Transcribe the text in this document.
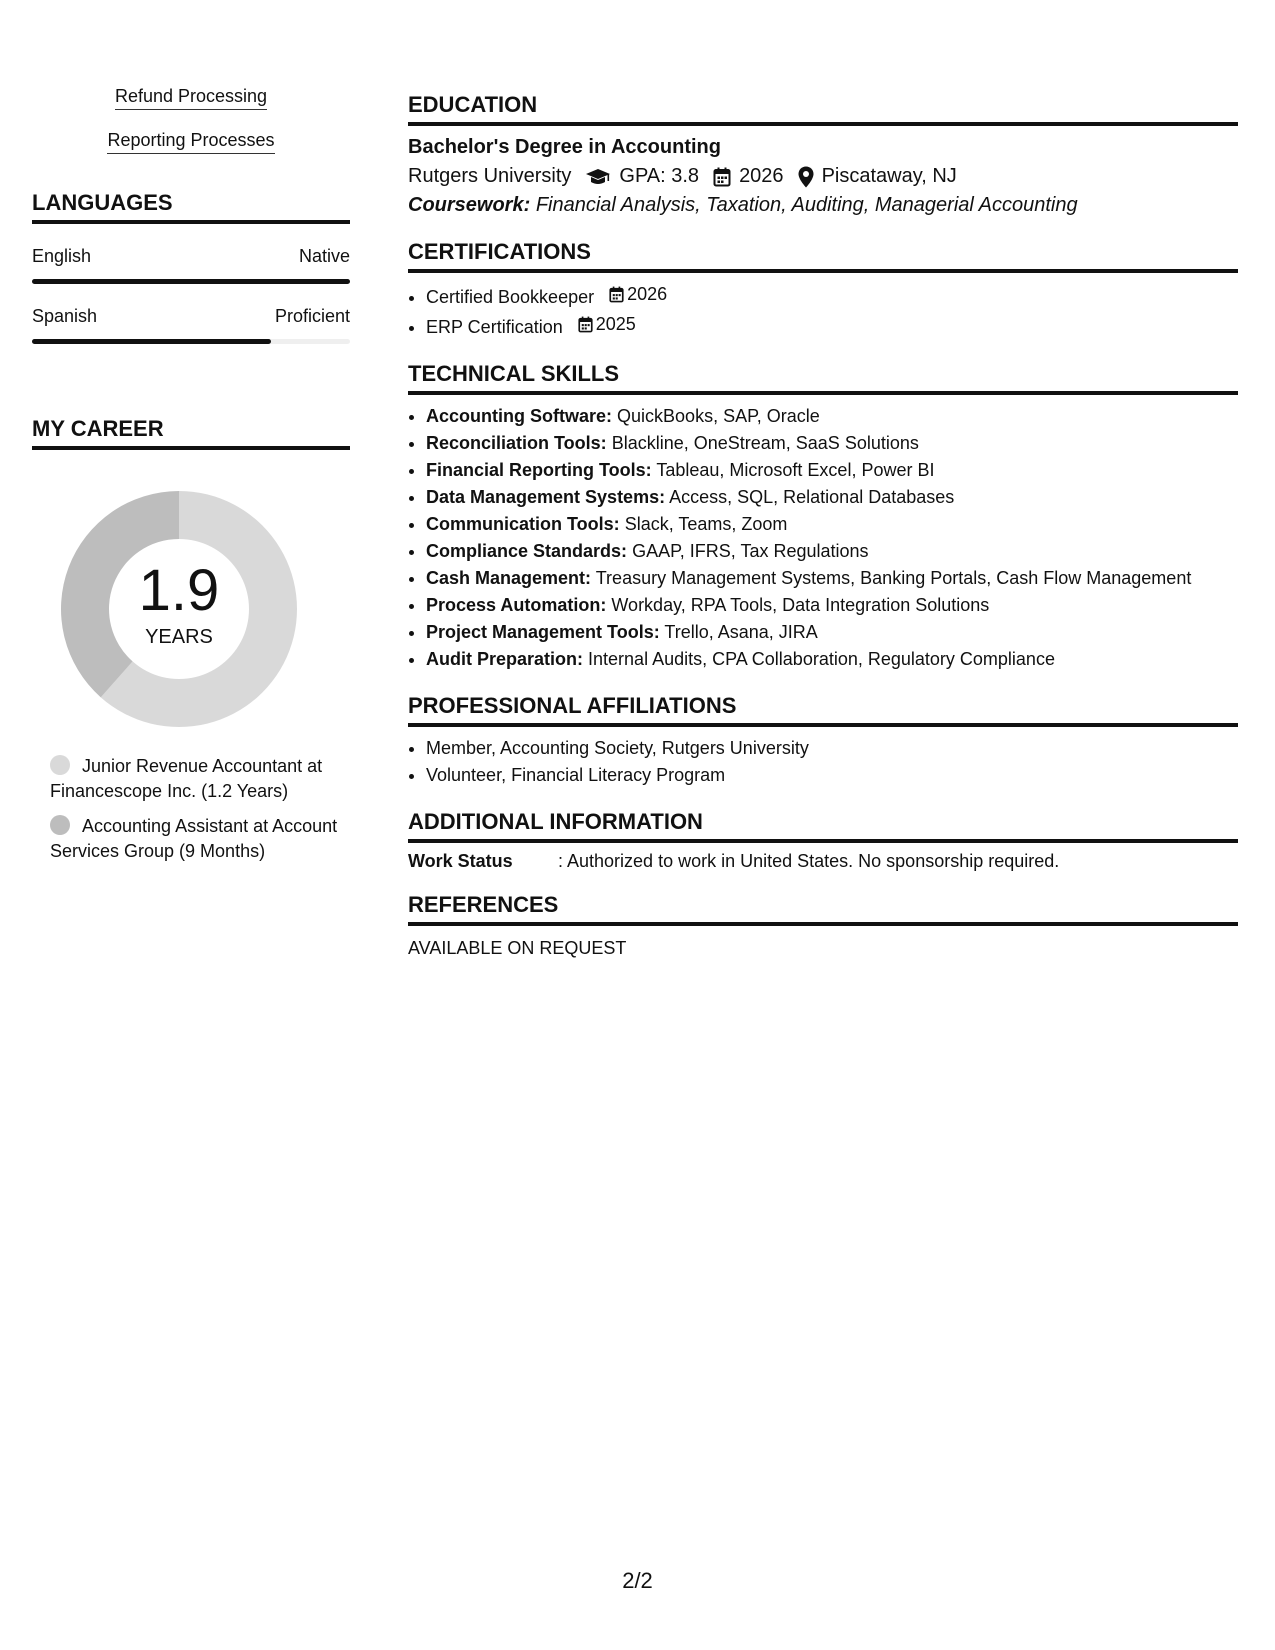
Refund Processing
Reporting Processes
LANGUAGES
English	Native
Spanish	Proficient
MY CAREER
1.9
YEARS
Junior Revenue Accountant at Financescope Inc. (1.2 Years)
Accounting Assistant at Account Services Group (9 Months)
EDUCATION
Bachelor's Degree in Accounting
Rutgers University GPA: 3.8 2026 Piscataway, NJ
Coursework: Financial Analysis, Taxation, Auditing, Managerial Accounting
CERTIFICATIONS
• Certified Bookkeeper 2026
• ERP Certification 2025
TECHNICAL SKILLS
• Accounting Software: QuickBooks, SAP, Oracle
• Reconciliation Tools: Blackline, OneStream, SaaS Solutions
• Financial Reporting Tools: Tableau, Microsoft Excel, Power BI
• Data Management Systems: Access, SQL, Relational Databases
• Communication Tools: Slack, Teams, Zoom
• Compliance Standards: GAAP, IFRS, Tax Regulations
• Cash Management: Treasury Management Systems, Banking Portals, Cash Flow Management
• Process Automation: Workday, RPA Tools, Data Integration Solutions
• Project Management Tools: Trello, Asana, JIRA
• Audit Preparation: Internal Audits, CPA Collaboration, Regulatory Compliance
PROFESSIONAL AFFILIATIONS
• Member, Accounting Society, Rutgers University
• Volunteer, Financial Literacy Program
ADDITIONAL INFORMATION
Work Status	: Authorized to work in United States. No sponsorship required.
REFERENCES
AVAILABLE ON REQUEST
2/2
